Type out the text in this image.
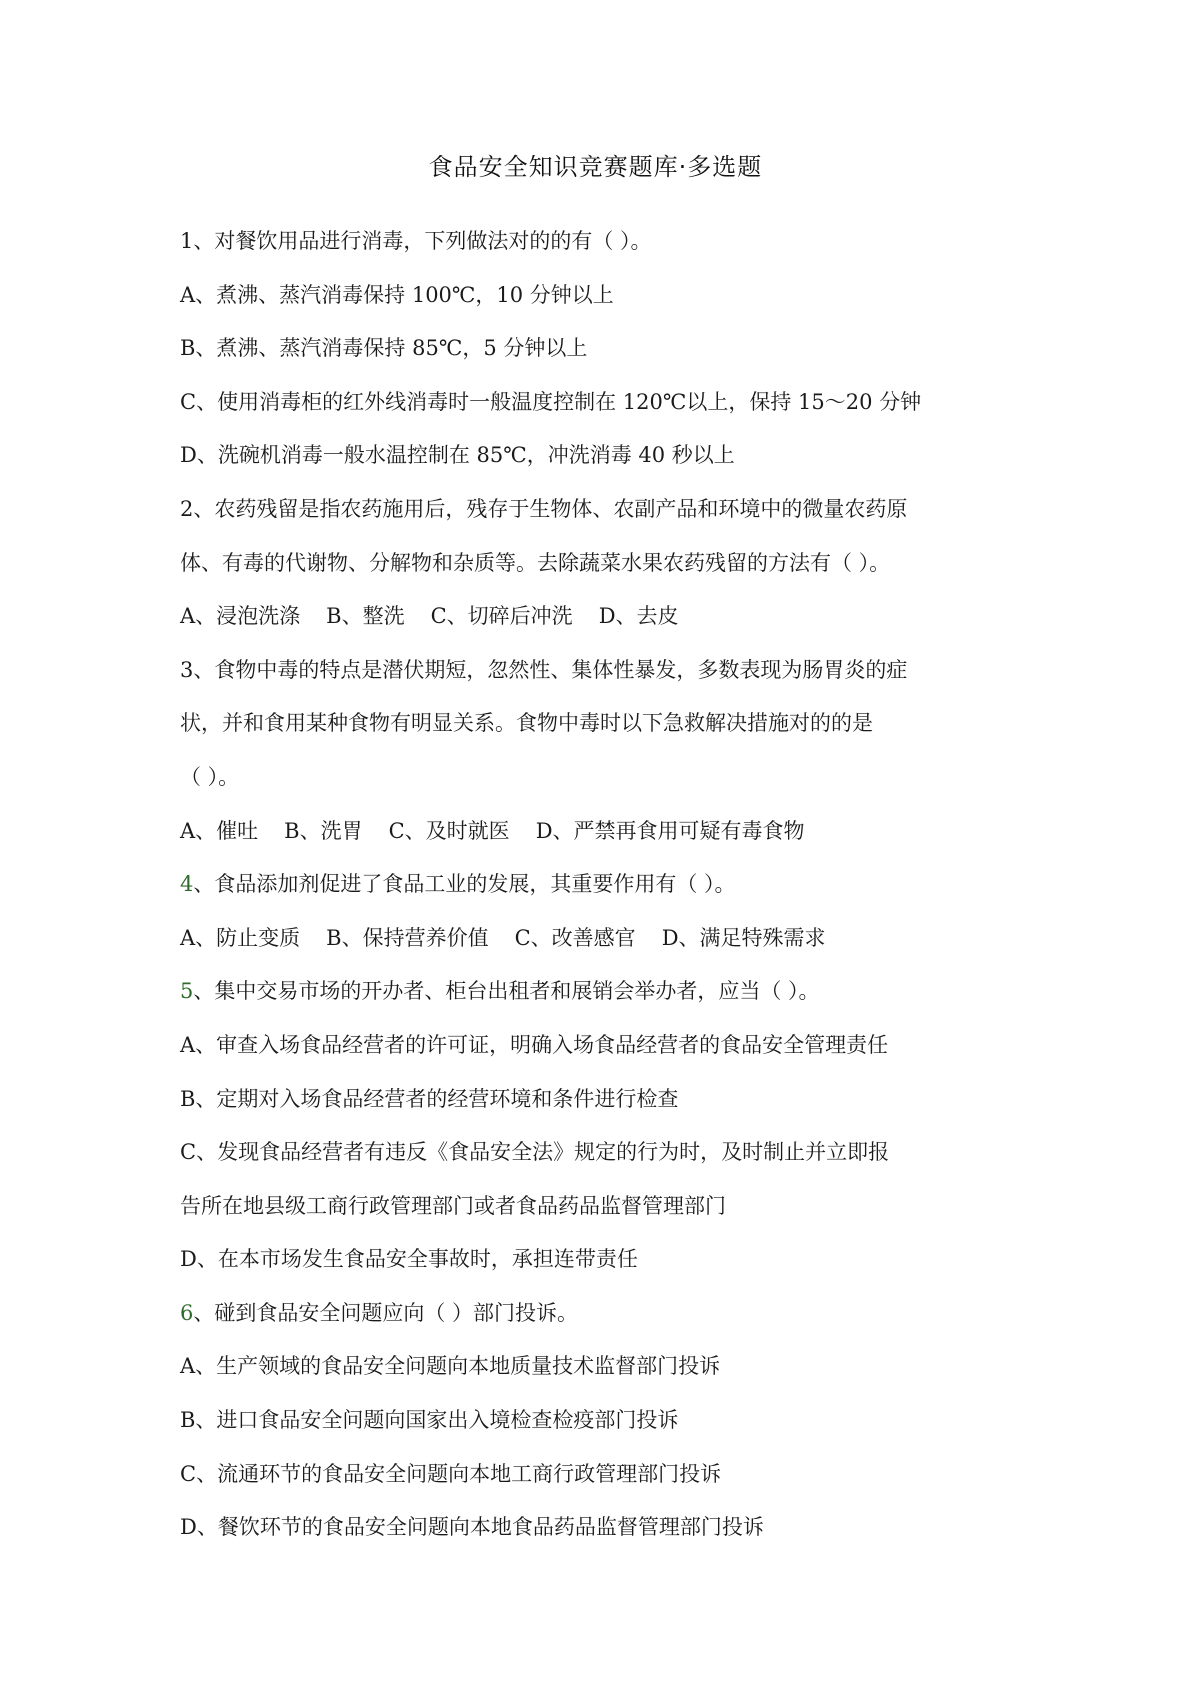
食品安全知识竞赛题库·多选题
1、对餐饮用品进行消毒，下列做法对的的有（ ）。
A、煮沸、蒸汽消毒保持 100℃，10 分钟以上
B、煮沸、蒸汽消毒保持 85℃，5 分钟以上
C、使用消毒柜的红外线消毒时一般温度控制在 120℃以上，保持 15～20 分钟
D、洗碗机消毒一般水温控制在 85℃，冲洗消毒 40 秒以上
2、农药残留是指农药施用后，残存于生物体、农副产品和环境中的微量农药原
体、有毒的代谢物、分解物和杂质等。去除蔬菜水果农药残留的方法有（ ）。
A、浸泡洗涤 B、整洗 C、切碎后冲洗 D、去皮
3、食物中毒的特点是潜伏期短，忽然性、集体性暴发，多数表现为肠胃炎的症
状，并和食用某种食物有明显关系。食物中毒时以下急救解决措施对的的是
（ ）。
A、催吐 B、洗胃 C、及时就医 D、严禁再食用可疑有毒食物
4、食品添加剂促进了食品工业的发展，其重要作用有（ ）。
A、防止变质 B、保持营养价值 C、改善感官 D、满足特殊需求
5、集中交易市场的开办者、柜台出租者和展销会举办者，应当（ ）。
A、审查入场食品经营者的许可证，明确入场食品经营者的食品安全管理责任
B、定期对入场食品经营者的经营环境和条件进行检查
C、发现食品经营者有违反《食品安全法》规定的行为时，及时制止并立即报
告所在地县级工商行政管理部门或者食品药品监督管理部门
D、在本市场发生食品安全事故时，承担连带责任
6、碰到食品安全问题应向（ ）部门投诉。
A、生产领域的食品安全问题向本地质量技术监督部门投诉
B、进口食品安全问题向国家出入境检查检疫部门投诉
C、流通环节的食品安全问题向本地工商行政管理部门投诉
D、餐饮环节的食品安全问题向本地食品药品监督管理部门投诉
